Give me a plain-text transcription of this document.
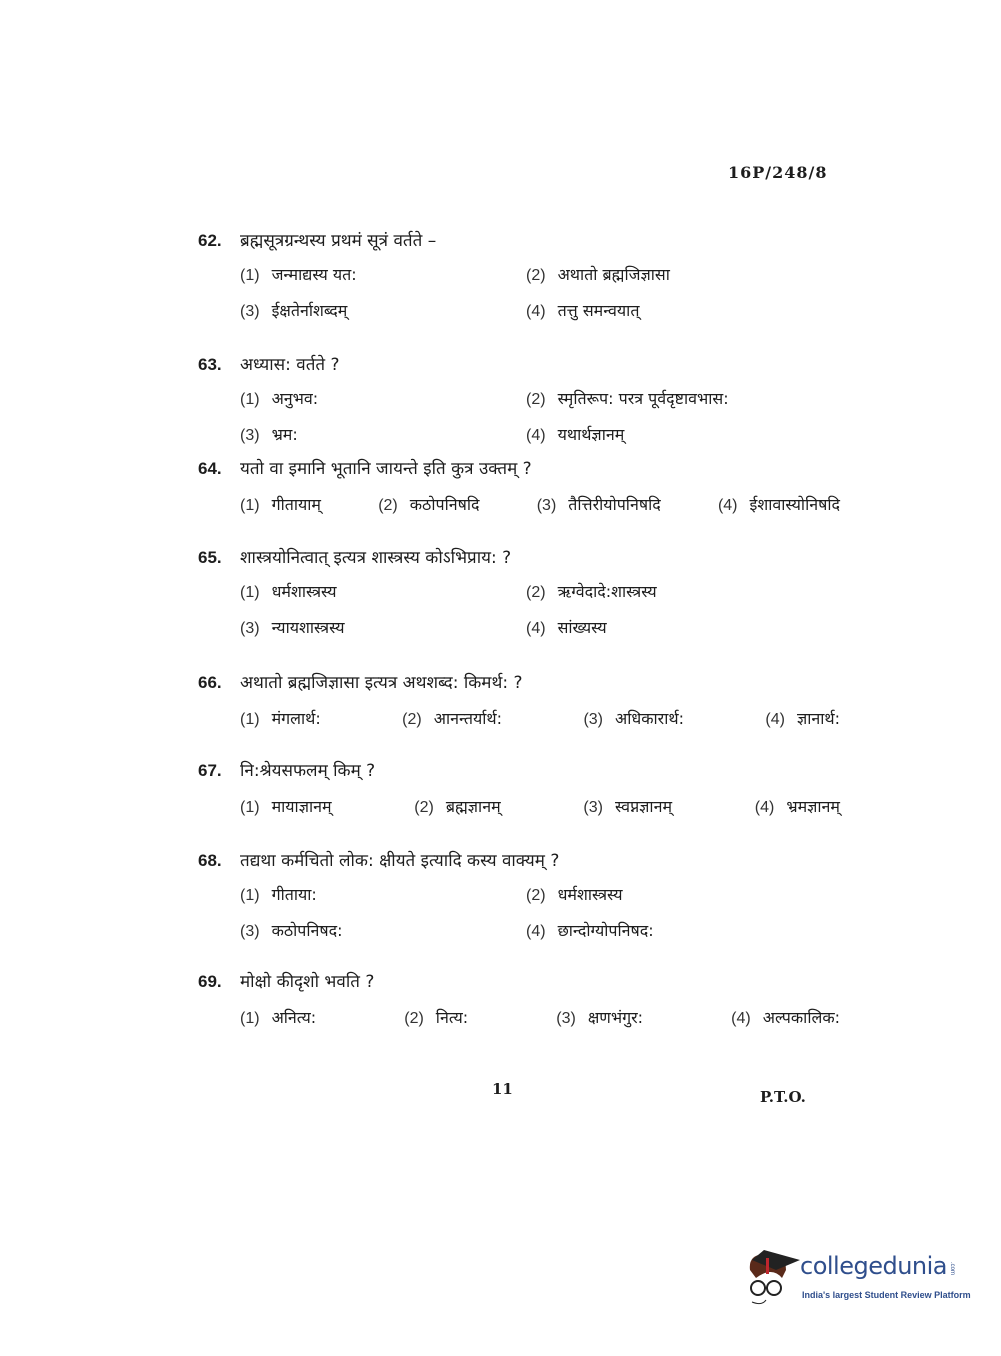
16P/248/8
62.	ब्रह्मसूत्रग्रन्थस्य प्रथमं सूत्रं वर्तते –
(1) जन्माद्यस्य यत:	(2) अथातो ब्रह्मजिज्ञासा
(3) ईक्षतेर्नाशब्दम्	(4) तत्तु समन्वयात्
63.	अध्यास: वर्तते ?
(1) अनुभव:	(2) स्मृतिरूप: परत्र पूर्वदृष्टावभास:
(3) भ्रम:	(4) यथार्थज्ञानम्
64.	यतो वा इमानि भूतानि जायन्ते इति कुत्र उक्तम् ?
(1) गीतायाम्	(2) कठोपनिषदि	(3) तैत्तिरीयोपनिषदि	(4) ईशावास्योनिषदि
65.	शास्त्रयोनित्वात् इत्यत्र शास्त्रस्य कोऽभिप्राय: ?
(1) धर्मशास्त्रस्य	(2) ऋग्वेदादे:शास्त्रस्य
(3) न्यायशास्त्रस्य	(4) सांख्यस्य
66.	अथातो ब्रह्मजिज्ञासा इत्यत्र अथशब्द: किमर्थ: ?
(1) मंगलार्थ:	(2) आनन्तर्यार्थ:	(3) अधिकारार्थ:	(4) ज्ञानार्थ:
67.	नि:श्रेयसफलम् किम् ?
(1) मायाज्ञानम्	(2) ब्रह्मज्ञानम्	(3) स्वप्नज्ञानम्	(4) भ्रमज्ञानम्
68.	तद्यथा कर्मचितो लोक: क्षीयते इत्यादि कस्य वाक्यम् ?
(1) गीताया:	(2) धर्मशास्त्रस्य
(3) कठोपनिषद:	(4) छान्दोग्योपनिषद:
69.	मोक्षो कीदृशो भवति ?
(1) अनित्य:	(2) नित्य:	(3) क्षणभंगुर:	(4) अल्पकालिक:
11	P.T.O.
collegedunia .com
India's largest Student Review Platform
